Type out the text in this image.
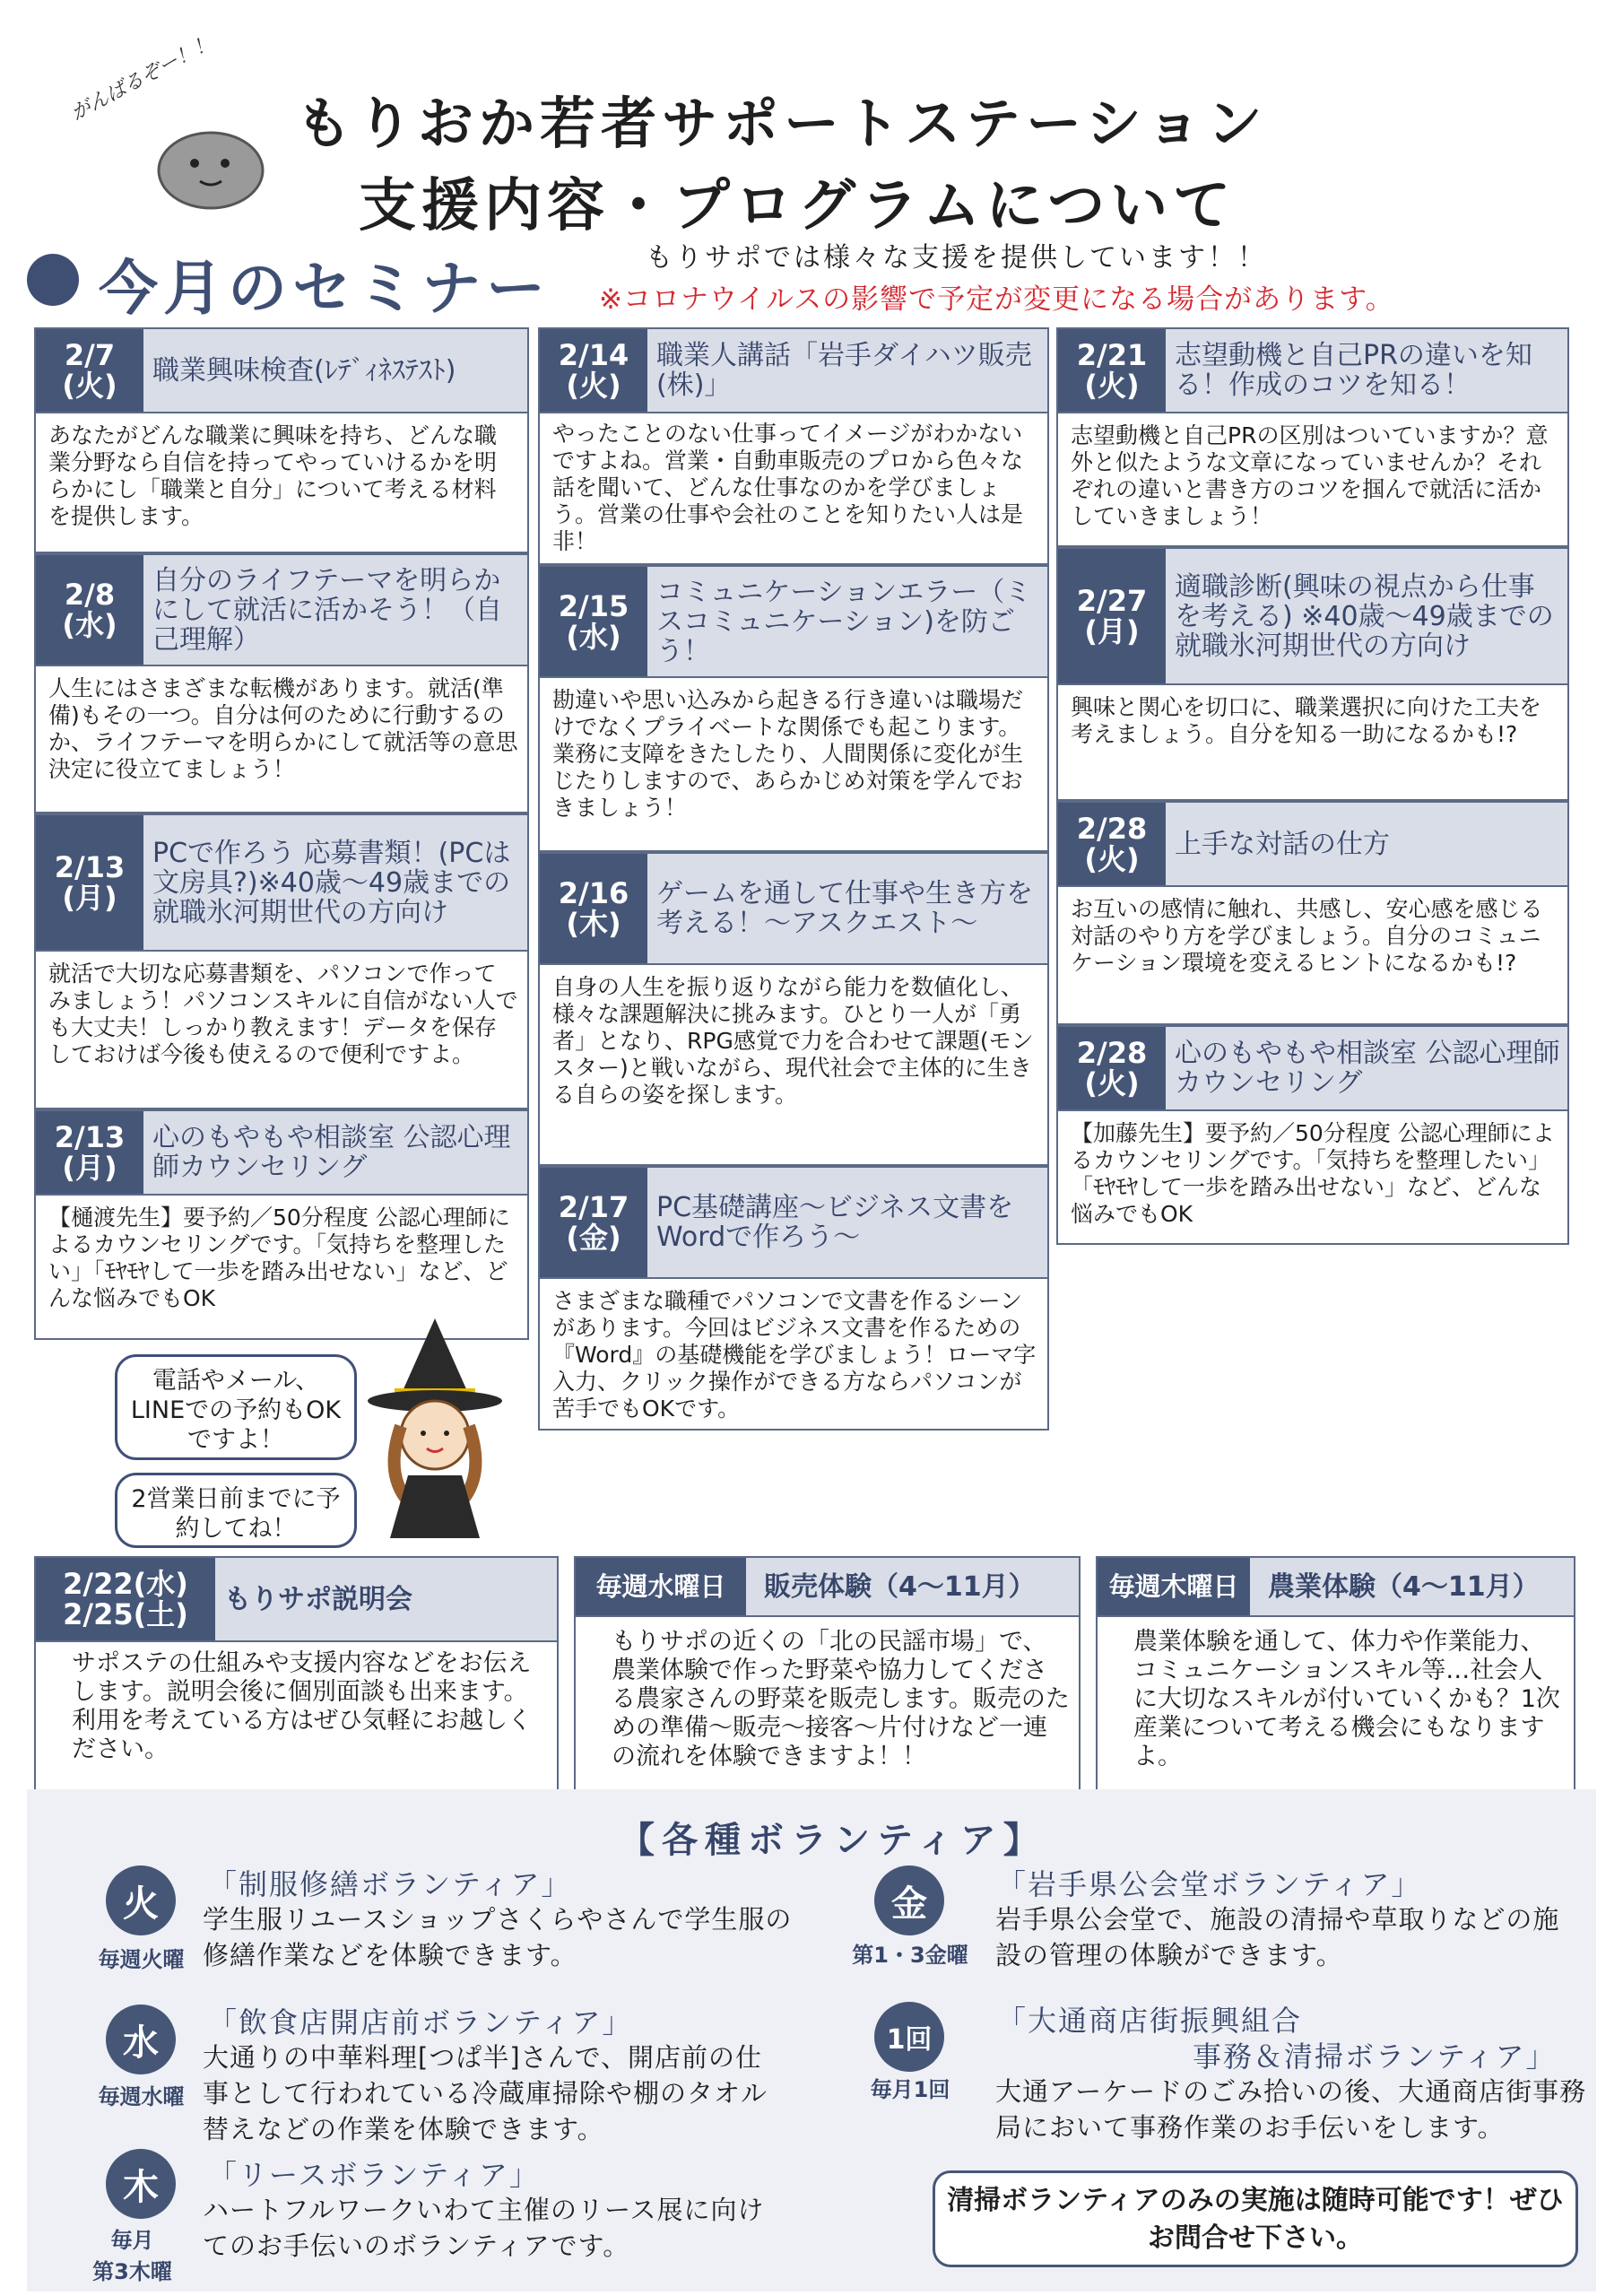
がんばるぞー！！ もりおか若者サポートステーション
支援内容・プログラムについて
今月のセミナー	もりサポでは様々な支援を提供しています！！
※コロナウイルスの影響で予定が変更になる場合があります。
2/7
(火)	職業興味検査(ﾚﾃﾞｨﾈｽﾃｽﾄ)
あなたがどんな職業に興味を持ち、どんな職業分野なら自信を持ってやっていけるかを明らかにし「職業と自分」について考える材料を提供します。
2/8
(水)
自分のライフテーマを明らかにして就活に活かそう！（自己理解）
人生にはさまざまな転機があります。就活(準備)もその一つ。自分は何のために行動するのか、ライフテーマを明らかにして就活等の意思決定に役立てましょう！
2/13
(月)
PCで作ろう 応募書類！(PCは文房具?)※40歳～49歳までの就職氷河期世代の方向け
就活で大切な応募書類を、パソコンで作ってみましょう！パソコンスキルに自信がない人でも大丈夫！しっかり教えます！データを保存しておけば今後も使えるので便利ですよ。
2/13
(月)
心のもやもや相談室 公認心理師カウンセリング
【樋渡先生】要予約／50分程度 公認心理師によるカウンセリングです。「気持ちを整理したい」「ﾓﾔﾓﾔして一歩を踏み出せない」など、どんな悩みでもOK
2/14
(火)
職業人講話「岩手ダイハツ販売(株)」
やったことのない仕事ってイメージがわかないですよね。営業・自動車販売のプロから色々な話を聞いて、どんな仕事なのかを学びましょう。営業の仕事や会社のことを知りたい人は是非！
2/15
(水)
コミュニケーションエラー（ミスコミュニケーション)を防ごう！
勘違いや思い込みから起きる行き違いは職場だけでなくプライベートな関係でも起こります。業務に支障をきたしたり、人間関係に変化が生じたりしますので、あらかじめ対策を学んでおきましょう！
2/16
(木)
ゲームを通して仕事や生き方を考える！～アスクエスト～
自身の人生を振り返りながら能力を数値化し、様々な課題解決に挑みます。ひとり一人が「勇者」となり、RPG感覚で力を合わせて課題(モンスター)と戦いながら、現代社会で主体的に生きる自らの姿を探します。
2/17
(金)
PC基礎講座～ビジネス文書をWordで作ろう～
さまざまな職種でパソコンで文書を作るシーンがあります。今回はビジネス文書を作るための『Word』の基礎機能を学びましょう！ローマ字入力、クリック操作ができる方ならパソコンが苦手でもOKです。
2/21
(火)
志望動機と自己PRの違いを知る！作成のコツを知る！
志望動機と自己PRの区別はついていますか？意外と似たような文章になっていませんか？それぞれの違いと書き方のコツを掴んで就活に活かしていきましょう！
2/27
(月)
適職診断(興味の視点から仕事を考える) ※40歳～49歳までの就職氷河期世代の方向け
興味と関心を切口に、職業選択に向けた工夫を考えましょう。自分を知る一助になるかも!?
2/28
(火)	上手な対話の仕方
お互いの感情に触れ、共感し、安心感を感じる対話のやり方を学びましょう。自分のコミュニケーション環境を変えるヒントになるかも!?
2/28
(火)
心のもやもや相談室 公認心理師カウンセリング
【加藤先生】要予約／50分程度 公認心理師によるカウンセリングです。「気持ちを整理したい」「ﾓﾔﾓﾔして一歩を踏み出せない」など、どんな悩みでもOK
電話やメール、LINEでの予約もOKですよ！
2営業日前までに予約してね！
2/22(水)
2/25(土)	もりサポ説明会
サポステの仕組みや支援内容などをお伝えします。説明会後に個別面談も出来ます。利用を考えている方はぜひ気軽にお越しください。
毎週水曜日	販売体験（4～11月）
もりサポの近くの「北の民謡市場」で、農業体験で作った野菜や協力してくださる農家さんの野菜を販売します。販売のための準備～販売～接客～片付けなど一連の流れを体験できますよ！！
毎週木曜日	農業体験（4～11月）
農業体験を通して、体力や作業能力、コミュニケーションスキル等…社会人に大切なスキルが付いていくかも？1次産業について考える機会にもなりますよ。
【各種ボランティア】
火
毎週火曜
「制服修繕ボランティア」
学生服リユースショップさくらやさんで学生服の修繕作業などを体験できます。
水
毎週水曜
「飲食店開店前ボランティア」
大通りの中華料理[つぱ半]さんで、開店前の仕事として行われている冷蔵庫掃除や棚のタオル替えなどの作業を体験できます。
木
毎月
第3木曜
「リースボランティア」
ハートフルワークいわて主催のリース展に向けてのお手伝いのボランティアです。
金
第1・3金曜
「岩手県公会堂ボランティア」
岩手県公会堂で、施設の清掃や草取りなどの施設の管理の体験ができます。
1回
毎月1回
「大通商店街振興組合
事務＆清掃ボランティア」
大通アーケードのごみ拾いの後、大通商店街事務局において事務作業のお手伝いをします。
清掃ボランティアのみの実施は随時可能です！ぜひお問合せ下さい。
